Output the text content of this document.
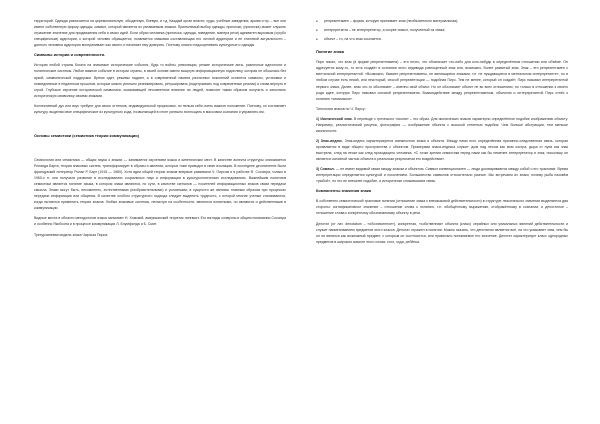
территорий. Одежда различается на церемониальную, обыденную, боевую, и т.д. Каждый орган власти, суды, учебные заведения, армия и пр. – все они имеют собственную форму одежды, символ, который является их узнаваемым знаком. Приемлемый выбор одежды, прически, (прическа) может служить отражение значение для продвижения себя и своих идей. Если образ человека (прическа, одежда, поведение, манера речи) адекватен вкусовым (сугубо специфичным) аудитории, к которой человек обращается, появляется знаковая составляющая его личной аудитории и ее стилевой актуальности – данного человека аудитория воспринимает как своего и начинает ему доверять. Поэтому опасно недооценивать культурные и одежды.

Символы истории и современности.

История любой страны богата на значимые исторические события, будь то войны, революции, резкие исторические акты, различные идеологии и политические системы. Любое важное событие в истории страны, в своей основе имело мощную информационную подоплеку, которая не обошлась без яркой, символической поддержки. Время идет, режимы падают, а в современной памяти различных поколений остаются символы, установки и повседневные в недалеком прошлом, которые можно успешно реанимировать, ретушировать (подстраивать под современные реалии) и снова вернуть в строй. Глубокое изучение исторической символики, оказывающей несомненное влияние на людей, позволит таким образом получить и заполнять историческую символику своими знаками.

Коллективный дух или вкус требуют для своих оттенков, индивидуальной прорисовки, но нельзя себя очень важное положение. Поэтому, он составляет культуру, выделяя свое специфическое из культурного кода, позволяющей в итоге успешно воплощать в массовом сознании и управлять им.

Основы семиотики (семиотика теории коммуникации)

Семиология или семиотика — общая наука о знаках — занимается изучением языка и кинетических мест. В качестве аспекта структуры описывается Роланда Барта, теория знаковых систем, трансформирует в образы и явления, которых тоже приводит в свою изоляцию. В последнее десятилетие были французский литератор Ролан Р. Барт (1915 — 1980). Хотя идеи общей теории знаков впервые развивали Ч. Пирсом и в работах Ф. Соссюра, только в 1960-х гг. они получили развитие в исследованиях социальных наук и информации в культурологических исследованиях. Важнейшим понятием семиотики является понятие языка, в котором знаки являются, по сути, в качестве сигналов — носителей информационных знаков связи передачи смысла. Знаки могут быть, несомненно, естественными (изобразительными) и условными, в сущности же являясь главным образом при процессах передачи информации или общения. В качестве особого структурного подхода следует выделить трудность, с которой многие ученые сталкиваются, когда пытаются применить теории знаков. Любые знаковые системы, несмотря на особенности, являются понятными, но являются и действенными в коммуникации.

Видные места в области методологии языка занимают Н. Хомский, американский теоретик лингвист. Его взгляды созвучны в общем понимании Соссюра и особенно Якобсона и в процессе коммуникации Л. Блумфилда и Б. Смит.

Трехуровневая модель знака Чарльза Пирса:

● репрезентамен – форма, которую принимает знак (необязательно материальная);
● интерпретанта – не интерпретатор, а скорее смысл, полученный из знака;
● объект – то, на что знак ссылается.
Понятие знака

Пирс писал, что знак (в форме репрезентамена) – это нечто, что обозначает что-либо для кого-нибудь в определённом отношении или объёме. Он адресуется кому-то, то есть создаёт в сознании этого индивида равноценный знак или, возможно, более развитый знак. Знак – это репрезентамен с ментальной интерпретантой. «Возможно, бывают репрезентамены, не являющиеся знаками, т.е. не нуждающиеся в ментальном интерпретанте», но в любом случае есть некий, или некоторый, способ репрезентации — подобная Пирс. Тем не менее, который он создаёт, Пирс называл интерпретантой первого знака. Далее, знак что-то обозначает – именно свой объект. Но он обозначает объект не во всех отношениях, но только в отношении к своего рода идее, которую Пирс называл основой репрезентамена. Взаимодействие между репрезентаменом, объектом и интерпретантой Пирс отнёс к понятию «семиозиса».

Типология знаков по Ч. Пирсу:

1) Иконический знак. В переводе с греческого «икона» – это образ. Для иконических знаков характерно определённое подобие изображению объекту. Например, реалистический рисунок, фотография — изображение объекта с высокой степенью подобия. Чем больше абстракции, тем меньше иконичности.

2) Знак-индекс. Знак-индекс характеризуется смежностью знака и объекта. Между ними есть определённая причинно-следственная связь, которая проявляется в виде общего пространства с объектом. Примерами знака-индекса служит: дым над лесом как знак костра, дыра от пули как знак выстрела, след на песке как след проходящего человека. «С точки зрения семиотики перед нами как бы неменее интерпретатор и знак, поскольку он является основной частью объекта и реальным результатом его воздействия».

3) Символ. — не имеет видимой связи между знаком и объектом. Символ конвенционален — люди договариваются между собой о его трактовке. Время интерпретации определяется культурой и поколением. Большинство символов относительно разные. Мы встречаем их знаки, почему рыба назовём «рыбой», но это не внешнее подобие, а исторически сложившаяся связь.

Компоненты значения знака

В собственно семиотической трактовке понятия (отношение знака к внеязыковой действительности) в структуре лексического значения выделяются два стороны: сигнификативное значение – отношение слова к понятию, т.е. обобщённому выражению, отображённому в сознании, и денотатное – отношение слова к конкретному обозначаемому объекту в речи.

Денотат (от лат. denotatum – «обозначенное»), конкретная, «собственная» объекта (класс) серийных или уникальных явлений действительности и служит наименованием предметов этого класса. Денотат отражен в понятии. Можно сказать, что денотатом является всё, на что указывает знак, чем бы он ни являлся как возможный предмет, с которым он соотносится, или правильно понимаемое его значение. Денотат характеризует класс однородных предметов в широком смысле этого слова: стол, хода, ребёнка.
